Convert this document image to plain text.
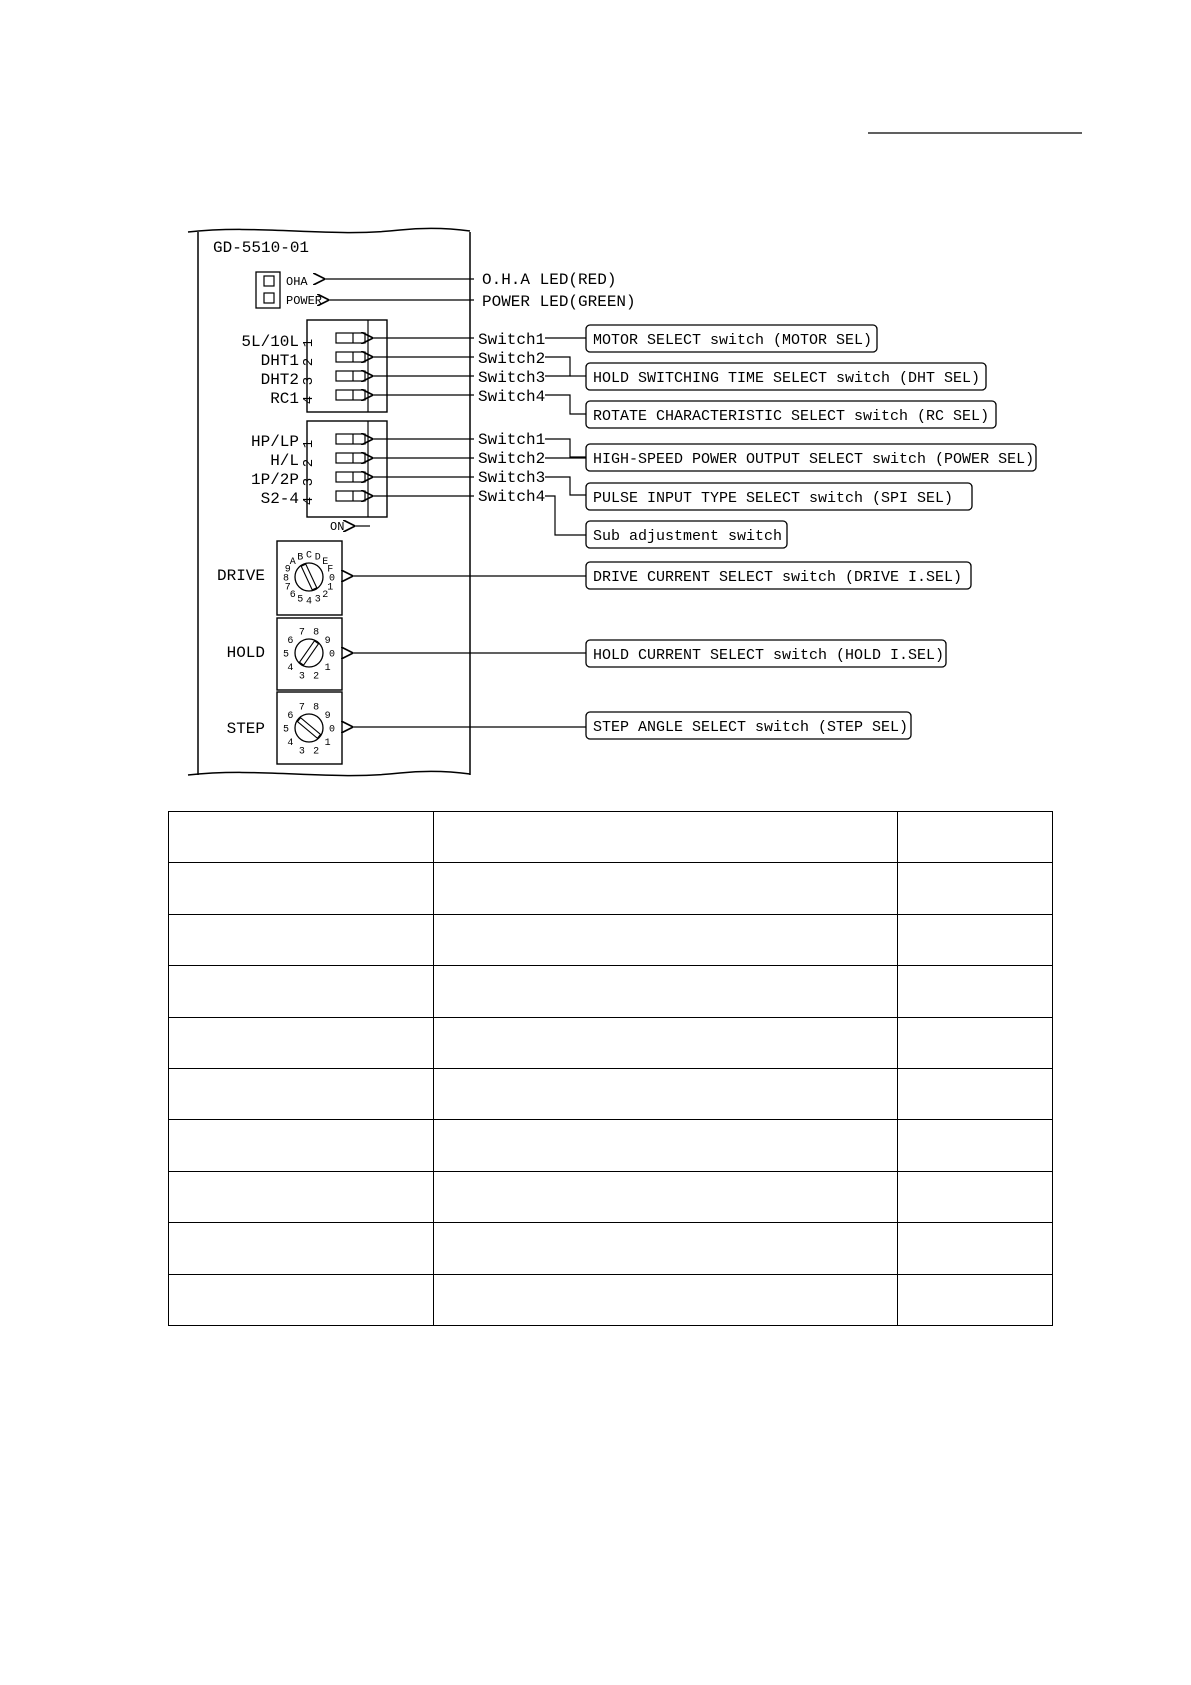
GD-5510-01
OHA
POWER
O.H.A LED(RED)
POWER LED(GREEN)
5L/10L
DHT1
DHT2
RC1
1
2
3
4
Switch1
Switch2
Switch3
Switch4
HP/LP
H/L
1P/2P
S2-4
1
2
3
4
Switch1
Switch2
Switch3
Switch4
ON
MOTOR SELECT switch (MOTOR SEL)
HOLD SWITCHING TIME SELECT switch (DHT SEL)
ROTATE CHARACTERISTIC SELECT switch (RC SEL)
HIGH-SPEED POWER OUTPUT SELECT switch (POWER SEL)
PULSE INPUT TYPE SELECT switch (SPI SEL)
Sub adjustment switch
DRIVE CURRENT SELECT switch (DRIVE I.SEL)
HOLD CURRENT SELECT switch (HOLD I.SEL)
STEP ANGLE SELECT switch (STEP SEL)
0
1
2
3
4
5
6
7
8
9
A B C D E
F
DRIVE
0
1
2
3
4
5
6
7 8
9
HOLD
0
1
2
3
4
5
6
7 8
9
STEP
